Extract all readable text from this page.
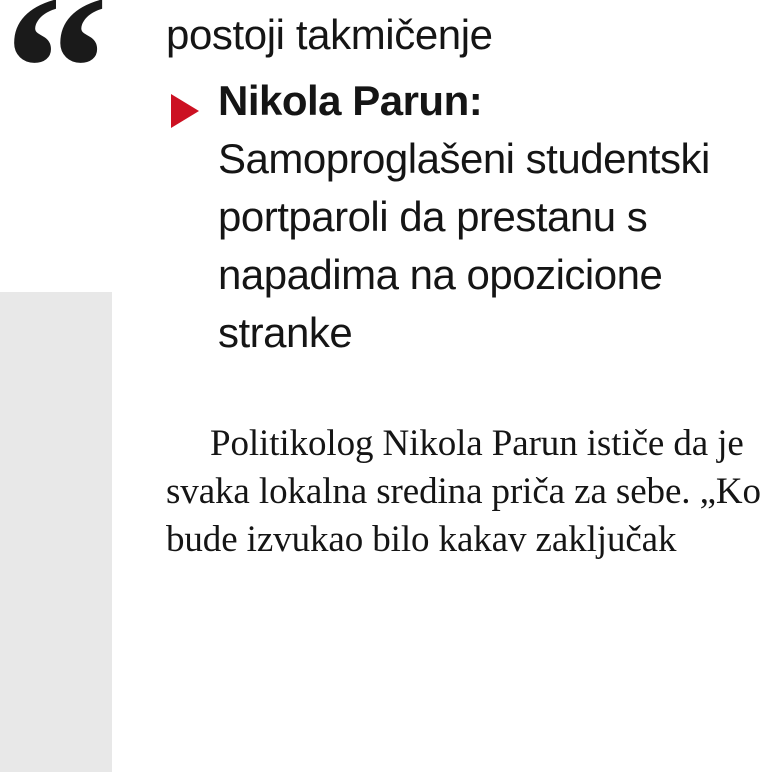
“ postoji takmičenje

Nikola Parun:
Samoproglašeni studentski portparoli da prestanu s napadima na opozicione stranke

Politikolog Nikola Parun ističe da je svaka lokalna sredina priča za sebe. „Ko bude izvukao bilo kakav zaključak
